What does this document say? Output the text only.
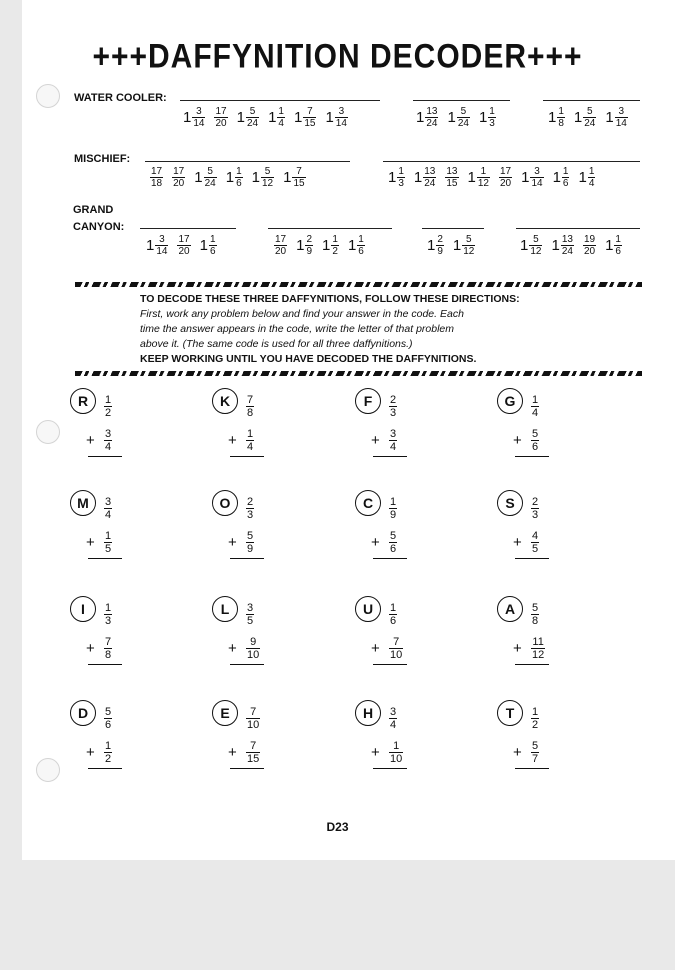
+++DAFFYNITION DECODER+++
WATER COOLER:
$1 \frac{3}{14} \frac{17}{20} 1 \frac{5}{24} 1 \frac{1}{4} 1 \frac{7}{15} 1 \frac{3}{14}$	$1 \frac{13}{24} 1 \frac{5}{24} 1 \frac{1}{3}$	$1 \frac{1}{8} 1 \frac{5}{24} 1 \frac{3}{14}$
MISCHIEF:
$\frac{17}{18} \frac{17}{20} 1 \frac{5}{24} 1 \frac{1}{6} 1 \frac{5}{12} 1 \frac{7}{15}$	$1 \frac{1}{3} 1 \frac{13}{24} \frac{13}{15} 1 \frac{1}{12} \frac{17}{20} 1 \frac{3}{14} 1 \frac{1}{6} 1 \frac{1}{4}$
GRAND
CANYON:
$1 \frac{3}{14} \frac{17}{20} 1 \frac{1}{6}$	$\frac{17}{20} 1 \frac{2}{9} 1 \frac{1}{2} 1 \frac{1}{6}$	$1 \frac{2}{9} 1 \frac{5}{12}$	$1 \frac{5}{12} 1 \frac{13}{24} \frac{19}{20} 1 \frac{1}{6}$
TO DECODE THESE THREE DAFFYNITIONS, FOLLOW THESE DIRECTIONS:
First, work any problem below and find your answer in the code. Each
time the answer appears in the code, write the letter of that problem
above it. (The same code is used for all three daffynitions.)
KEEP WORKING UNTIL YOU HAVE DECODED THE DAFFYNITIONS.
R	$\frac{1}{2}$
+ $\frac{3}{4}$
K	$\frac{7}{8}$
+ $\frac{1}{4}$
F	$\frac{2}{3}$
+ $\frac{3}{4}$
G	$\frac{1}{4}$
+ $\frac{5}{6}$
M	$\frac{3}{4}$
+ $\frac{1}{5}$
O	$\frac{2}{3}$
+ $\frac{5}{9}$
C	$\frac{1}{9}$
+ $\frac{5}{6}$
S	$\frac{2}{3}$
+ $\frac{4}{5}$
I	$\frac{1}{3}$
+ $\frac{7}{8}$
L	$\frac{3}{5}$
+ $\frac{9}{10}$
U	$\frac{1}{6}$
+ $\frac{7}{10}$
A	$\frac{5}{8}$
+ $\frac{11}{12}$
D	$\frac{5}{6}$
+ $\frac{1}{2}$
E	$\frac{7}{10}$
+ $\frac{7}{15}$
H	$\frac{3}{4}$
+ $\frac{1}{10}$
T	$\frac{1}{2}$
+ $\frac{5}{7}$
D23
